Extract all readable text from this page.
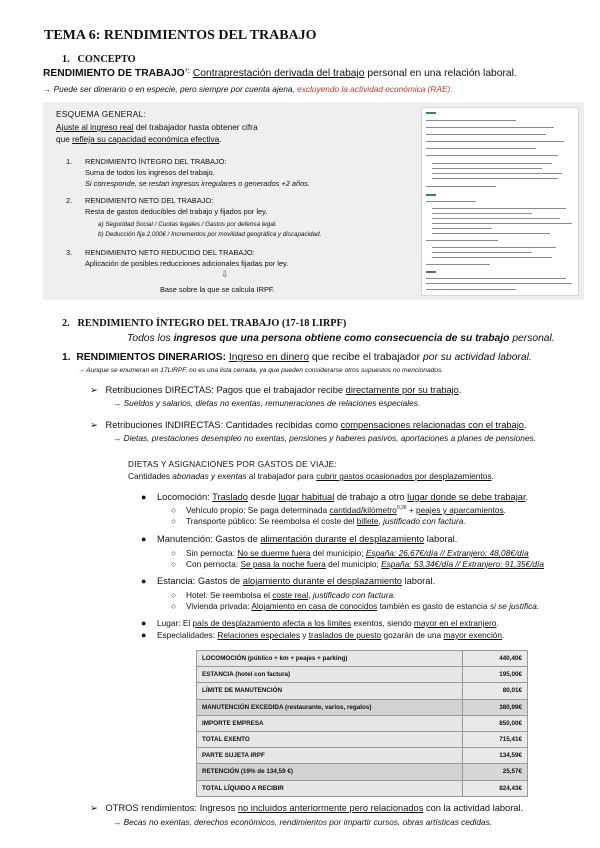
TEMA 6: RENDIMIENTOS DEL TRABAJO
1. CONCEPTO
RENDIMIENTO DE $TRABAJO^{^7:}$ Contraprestación derivada del trabajo personal en una relación laboral.
→ Puede ser dinerario o en especie, pero siempre por cuenta ajena, excluyendo la actividad económica (RAE).
ESQUEMA GENERAL:
Ajuste al ingreso real del trabajador hasta obtener cifra
que refleja su capacidad económica efectiva.
1. RENDIMIENTO ÍNTEGRO DEL TRABAJO:
Suma de todos los ingresos del trabajo.
Si corresponde, se restan ingresos irregulares o generados +2 años.
2. RENDIMIENTO NETO DEL TRABAJO:
Resta de gastos deducibles del trabajo y fijados por ley.
a) Seguridad Social / Cuotas legales / Gastos por defensa legal.
b) Deducción fija 2.000€ / Incrementos por movilidad geográfica y discapacidad.
3. RENDIMIENTO NETO REDUCIDO DEL TRABAJO:
Aplicación de posibles reducciones adicionales fijadas por ley.
⇩
Base sobre la que se calcula IRPF.
2. RENDIMIENTO ÍNTEGRO DEL TRABAJO (17-18 LIRPF)
Todos los ingresos que una persona obtiene como consecuencia de su trabajo personal.
1. RENDIMIENTOS DINERARIOS: Ingreso en dinero que recibe el trabajador por su actividad laboral.
→ Aunque se enumeran en 17LIRPF, no es una lista cerrada, ya que pueden considerarse otros supuestos no mencionados.
➢ Retribuciones DIRECTAS: Pagos que el trabajador recibe directamente por su trabajo.
→ Sueldos y salarios, dietas no exentas, remuneraciones de relaciones especiales.
➢ Retribuciones INDIRECTAS: Cantidades recibidas como compensaciones relacionadas con el trabajo.
→ Dietas, prestaciones desempleo no exentas, pensiones y haberes pasivos, aportaciones a planes de pensiones.
DIETAS Y ASIGNACIONES POR GASTOS DE VIAJE:
Cantidades abonadas y exentas al trabajador para cubrir gastos ocasionados por desplazamientos.
● Locomoción: Traslado desde lugar habitual de trabajo a otro lugar donde se debe trabajar.
○ Vehículo propio: Se paga determinada cantidad/kilómetro$^{0,26}$ + peajes y aparcamientos.
○ Transporte público: Se reembolsa el coste del billete, justificado con factura.
● Manutención: Gastos de alimentación durante el desplazamiento laboral.
○ Sin pernocta: No se duerme fuera del municipio; España: 26,67€/día // Extranjero: 48,08€/día
○ Con pernocta: Se pasa la noche fuera del municipio; España: 53,34€/día // Extranjero: 91,35€/día
● Estancia: Gastos de alojamiento durante el desplazamiento laboral.
○ Hotel: Se reembolsa el coste real, justificado con factura.
○ Vivienda privada: Alojamiento en casa de conocidos también es gasto de estancia si se justifica.
● Lugar: El país de desplazamiento afecta a los límites exentos, siendo mayor en el extranjero.
● Especialidades: Relaciones especiales y traslados de puesto gozarán de una mayor exención.
LOCOMOCIÓN (público + km + peajes + parking)	440,40€
ESTANCIA (hotel con factura)	195,00€
LÍMITE DE MANUTENCIÓN	80,01€
MANUTENCIÓN EXCEDIDA (restaurante, varios, regalos)	380,99€
IMPORTE EMPRESA	850,00€
TOTAL EXENTO	715,41€
PARTE SUJETA IRPF	134,59€
RETENCIÓN (19% de 134,59 €)	25,57€
TOTAL LÍQUIDO A RECIBIR	824,43€
➢ OTROS rendimientos: Ingresos no incluidos anteriormente pero relacionados con la actividad laboral.
→ Becas no exentas, derechos económicos, rendimientos por impartir cursos, obras artísticas cedidas.
